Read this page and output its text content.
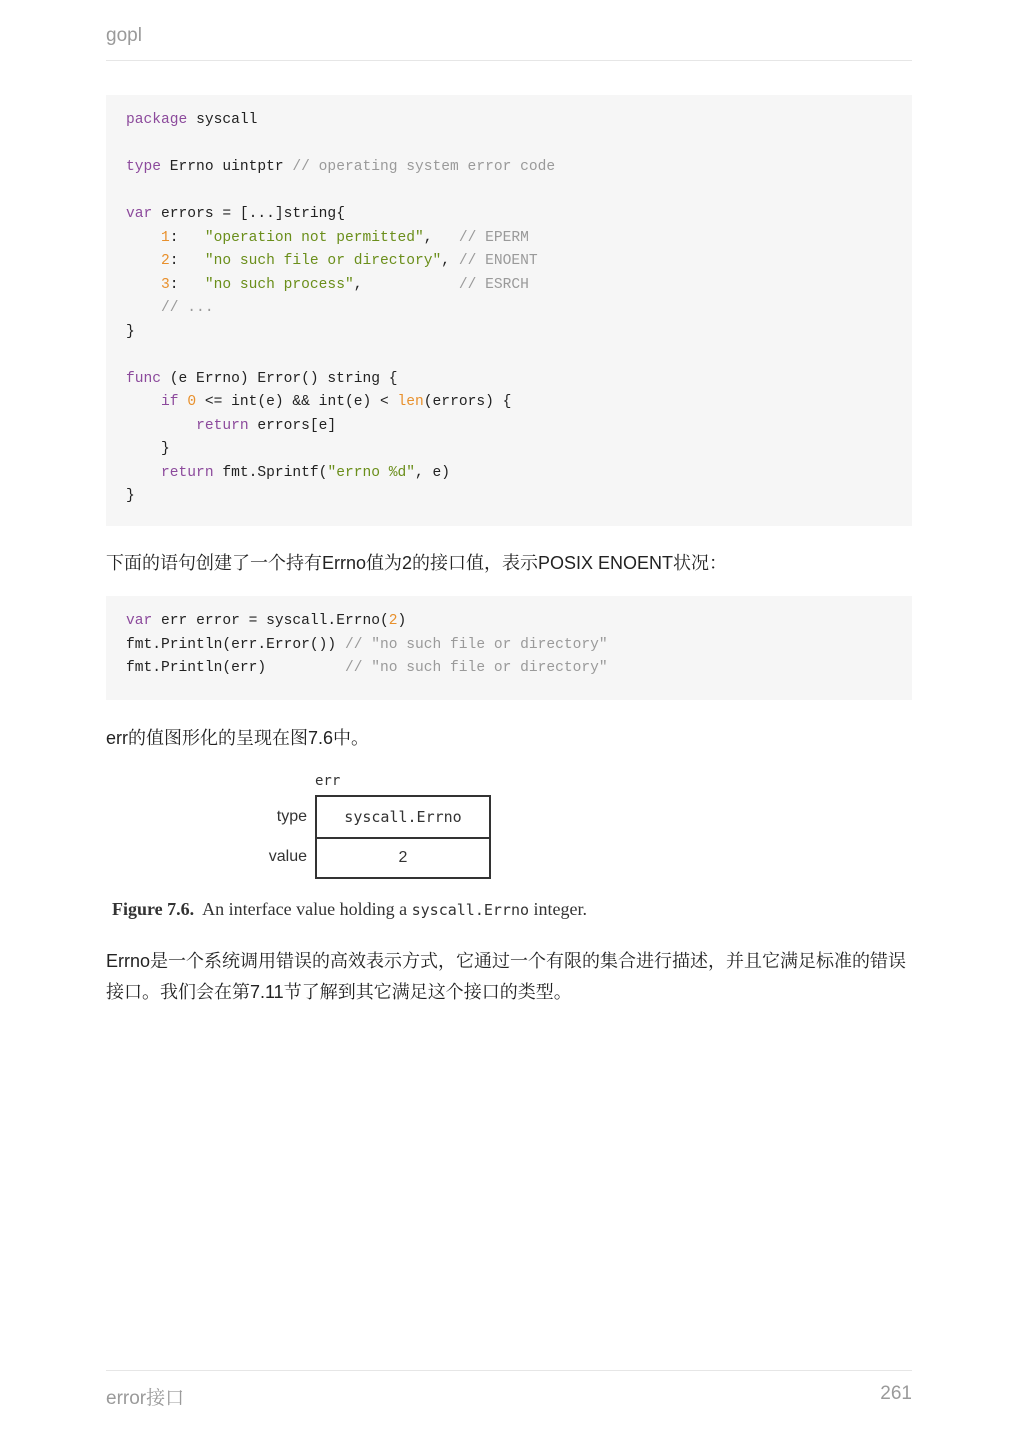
gopl
package syscall

type Errno uintptr // operating system error code

var errors = [...]string{
1:   "operation not permitted",   // EPERM
2:   "no such file or directory", // ENOENT
3:   "no such process",           // ESRCH
// ...
}

func (e Errno) Error() string {
if 0 <= int(e) && int(e) < len(errors) {
return errors[e]
}
return fmt.Sprintf("errno %d", e)
}
下面的语句创建了一个持有Errno值为2的接口值，表示POSIX ENOENT状况：
var err error = syscall.Errno(2)
fmt.Println(err.Error()) // "no such file or directory"
fmt.Println(err)         // "no such file or directory"
err的值图形化的呈现在图7.6中。
err
type
value
syscall.Errno
2
Figure 7.6.  An interface value holding a syscall.Errno integer.
Errno是一个系统调用错误的高效表示方式，它通过一个有限的集合进行描述，并且它满足标准的错误接口。我们会在第7.11节了解到其它满足这个接口的类型。
error接口	261
